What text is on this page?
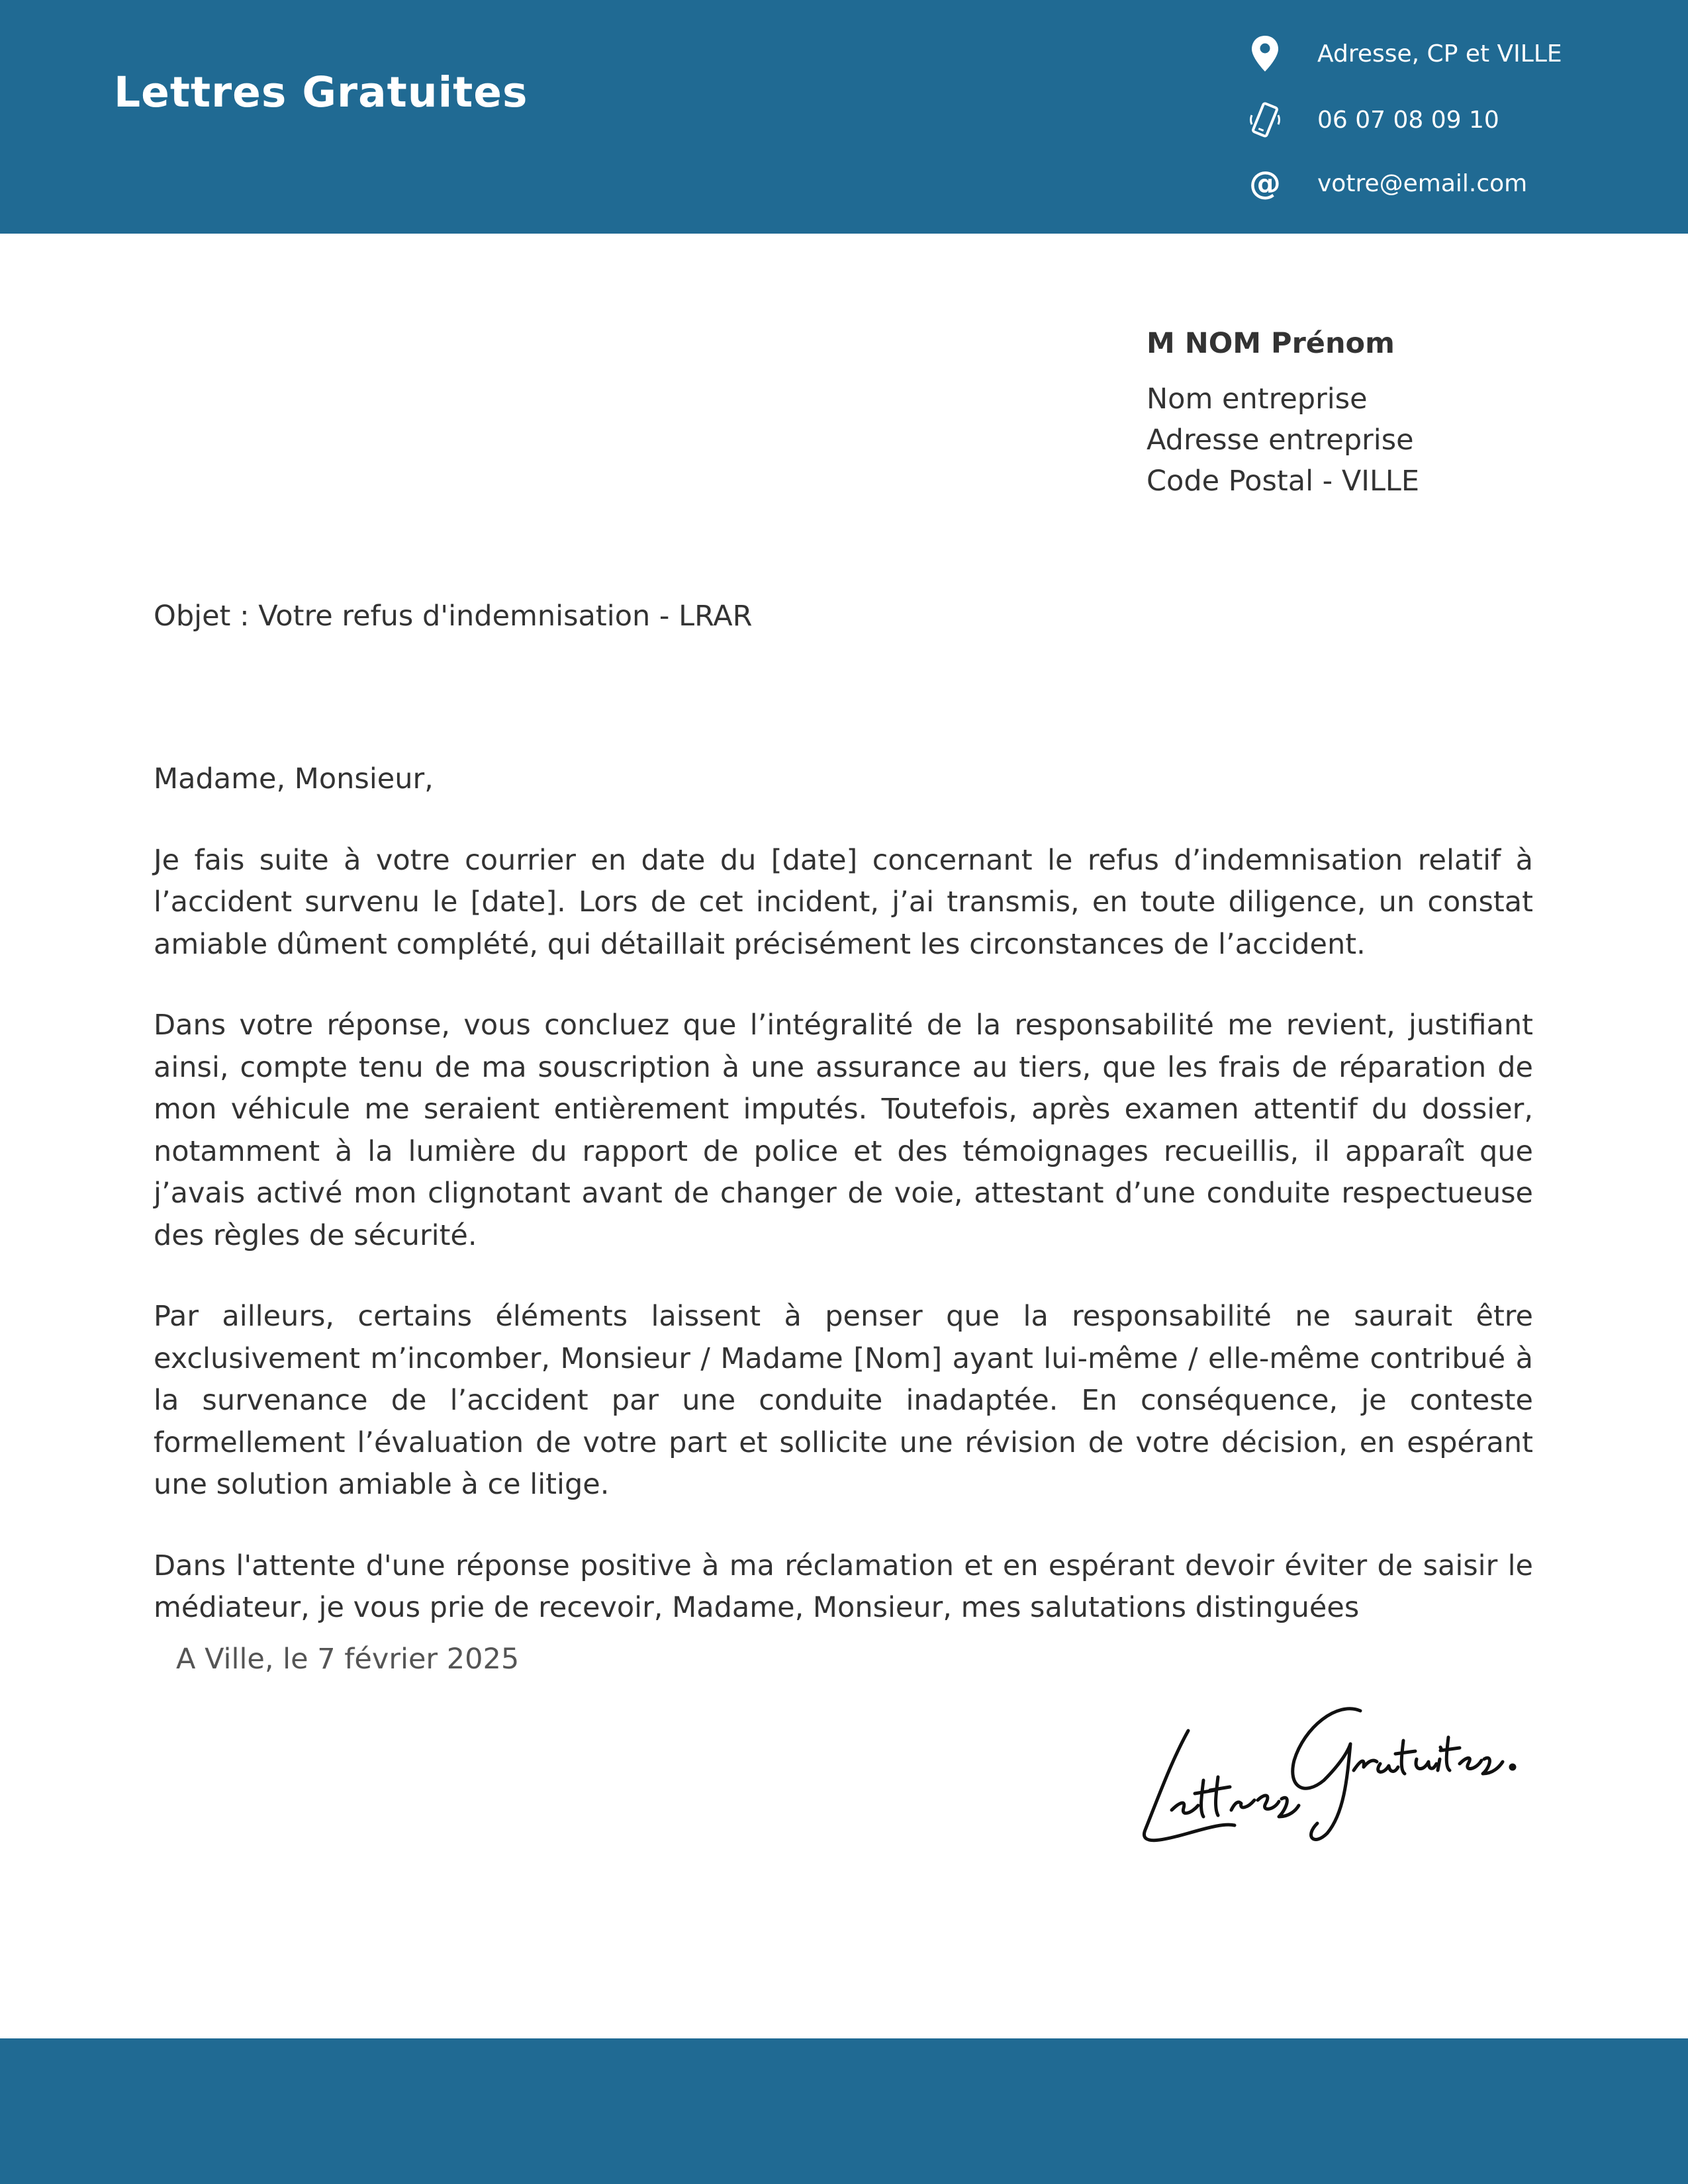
Lettres Gratuites
Adresse, CP et VILLE
06 07 08 09 10
@ votre@email.com
M NOM Prénom
Nom entreprise
Adresse entreprise
Code Postal - VILLE
Objet : Votre refus d'indemnisation - LRAR

Madame, Monsieur,

Je fais suite à votre courrier en date du [date] concernant le refus d’indemnisation relatif à l’accident survenu le [date]. Lors de cet incident, j’ai transmis, en toute diligence, un constat amiable dûment complété, qui détaillait précisément les circonstances de l’accident.

Dans votre réponse, vous concluez que l’intégralité de la responsabilité me revient, justifiant ainsi, compte tenu de ma souscription à une assurance au tiers, que les frais de réparation de mon véhicule me seraient entièrement imputés. Toutefois, après examen attentif du dossier, notamment à la lumière du rapport de police et des témoignages recueillis, il apparaît que j’avais activé mon clignotant avant de changer de voie, attestant d’une conduite respectueuse des règles de sécurité.

Par ailleurs, certains éléments laissent à penser que la responsabilité ne saurait être exclusivement m’incomber, Monsieur / Madame [Nom] ayant lui-même / elle-même contribué à la survenance de l’accident par une conduite inadaptée. En conséquence, je conteste formellement l’évaluation de votre part et sollicite une révision de votre décision, en espérant une solution amiable à ce litige.

Dans l'attente d'une réponse positive à ma réclamation et en espérant devoir éviter de saisir le médiateur, je vous prie de recevoir, Madame, Monsieur, mes salutations distinguées

A Ville, le 7 février 2025
